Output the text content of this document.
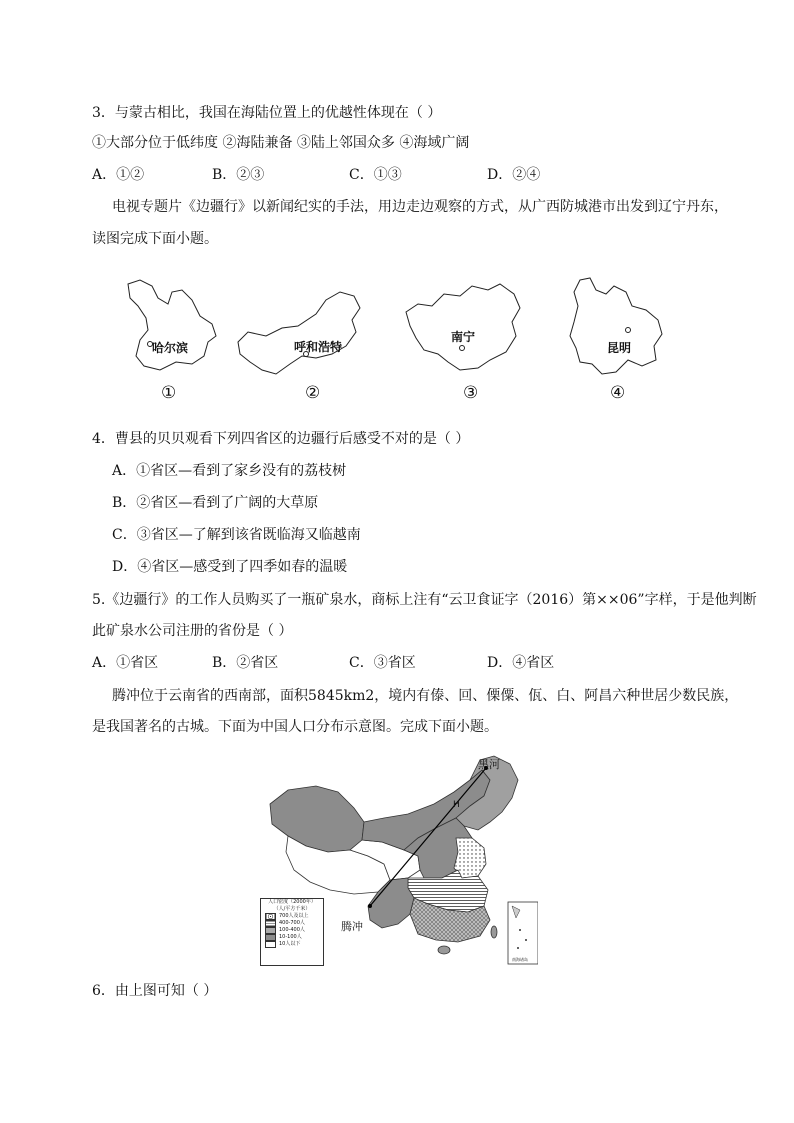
3．与蒙古相比，我国在海陆位置上的优越性体现在（ ）
①大部分位于低纬度 ②海陆兼备 ③陆上邻国众多 ④海域广阔
A．①②	B．②③	C．①③	D．②④
电视专题片《边疆行》以新闻纪实的手法，用边走边观察的方式，从广西防城港市出发到辽宁丹东，
读图完成下面小题。
哈尔滨
①
呼和浩特
②
南宁
③
昆明
④
4．曹县的贝贝观看下列四省区的边疆行后感受不对的是（ ）
A．①省区—看到了家乡没有的荔枝树
B．②省区—看到了广阔的大草原
C．③省区—了解到该省既临海又临越南
D．④省区—感受到了四季如春的温暖
5.《边疆行》的工作人员购买了一瓶矿泉水，商标上注有“云卫食证字（2016）第××06”字样，于是他判断
此矿泉水公司注册的省份是（ ）
A．①省区	B．②省区	C．③省区	D．④省区
腾冲位于云南省的西南部，面积5845km2，境内有傣、回、傈僳、佤、白、阿昌六种世居少数民族，
是我国著名的古城。下面为中国人口分布示意图。完成下面小题。
黑河
H
腾冲
南海诸岛
人口密度（2000年）
（人/平方千米）
700人及以上
400-700人
100-400人
10-100人
10人以下
6．由上图可知（ ）
